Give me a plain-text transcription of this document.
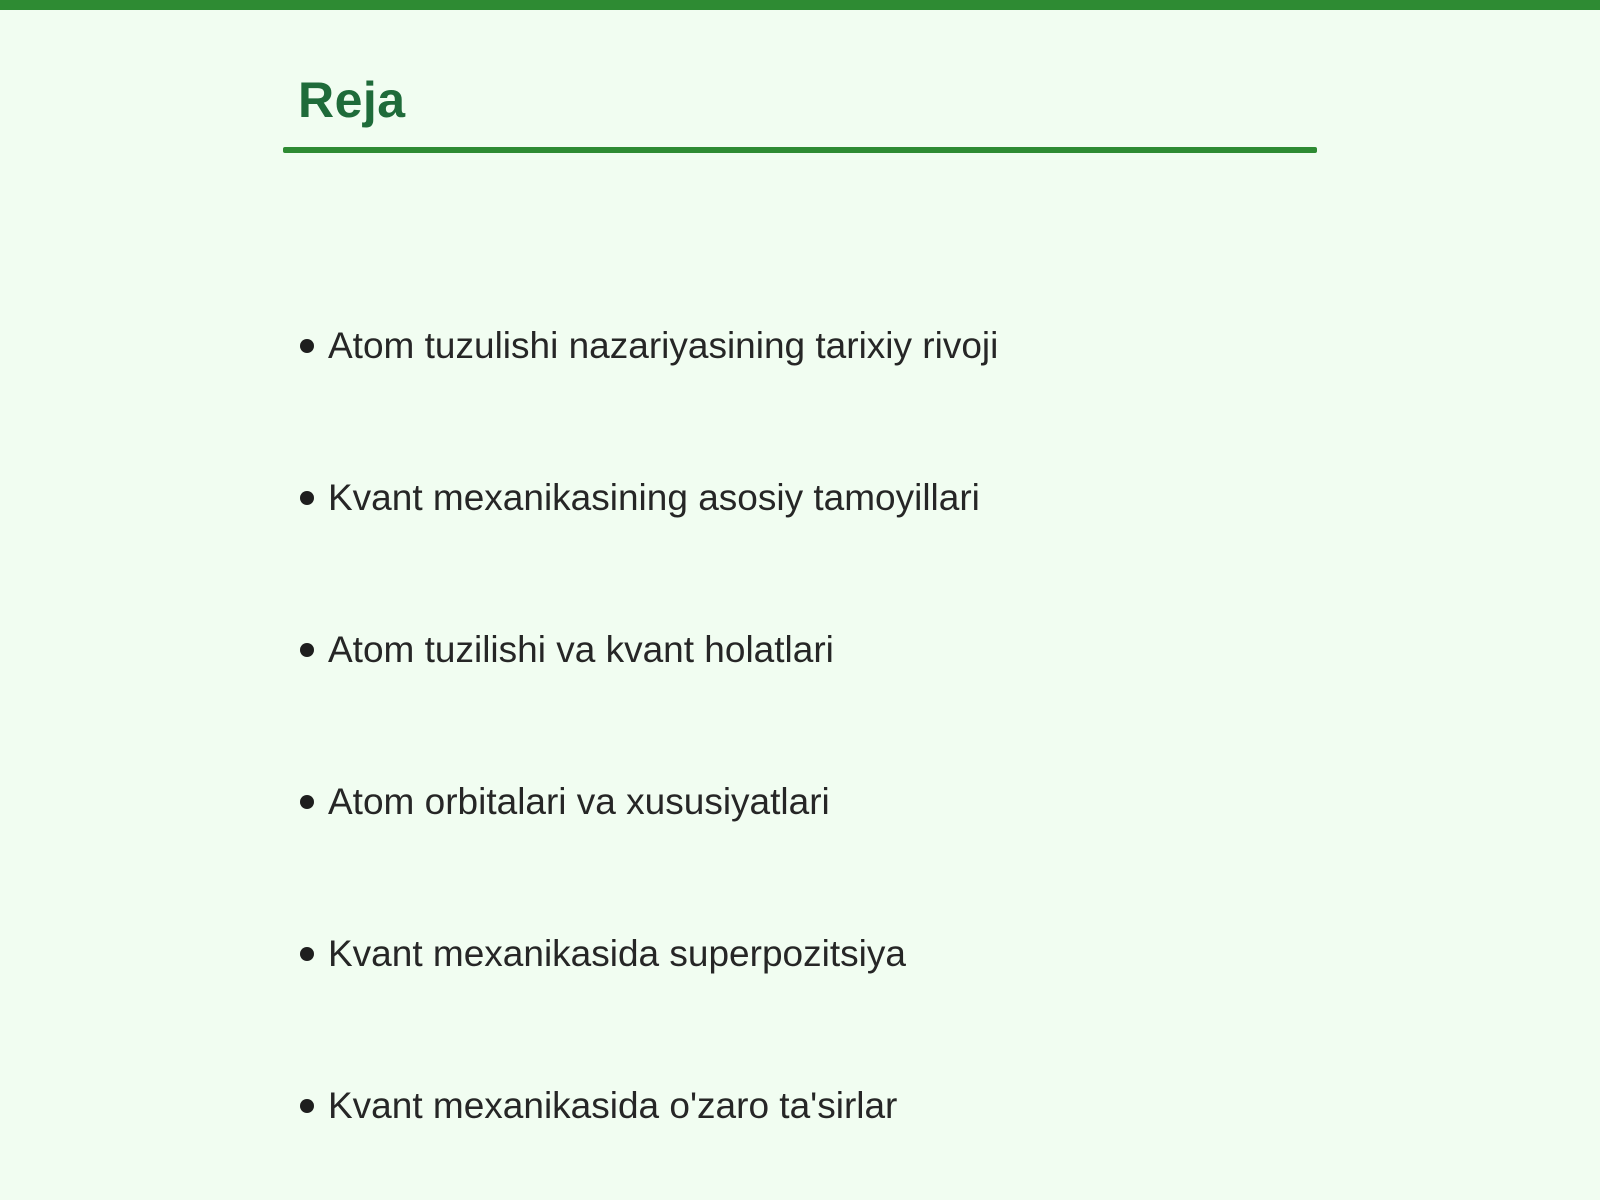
Reja
Atom tuzulishi nazariyasining tarixiy rivoji
Kvant mexanikasining asosiy tamoyillari
Atom tuzilishi va kvant holatlari
Atom orbitalari va xususiyatlari
Kvant mexanikasida superpozitsiya
Kvant mexanikasida o'zaro ta'sirlar
